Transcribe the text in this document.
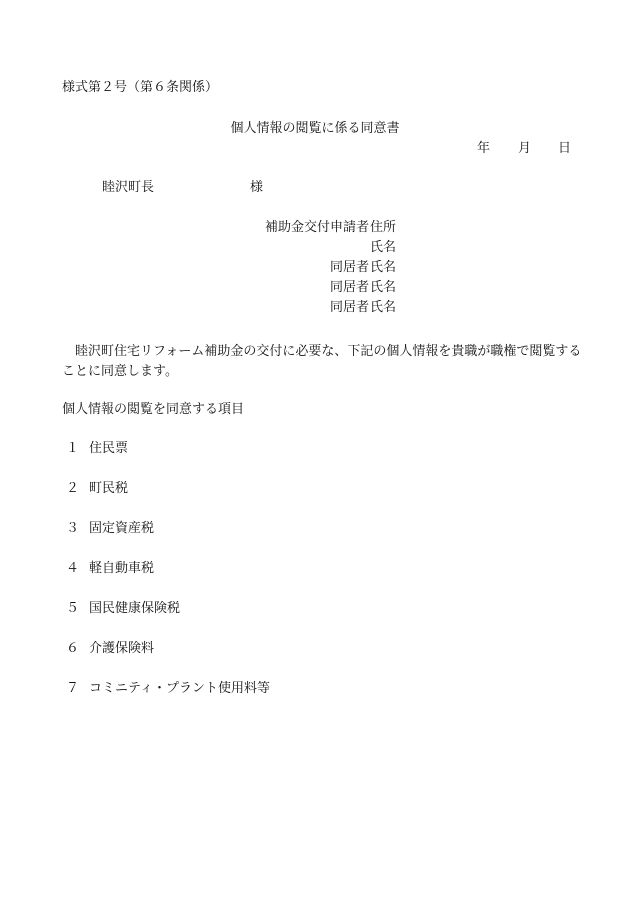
様式第２号（第６条関係）
個人情報の閲覧に係る同意書
年 月 日
睦沢町長	様
補助金交付申請者 住所
氏名
同居者 氏名
同居者 氏名
同居者 氏名
睦沢町住宅リフォーム補助金の交付に必要な、下記の個人情報を貴職が職権で閲覧することに同意します。
個人情報の閲覧を同意する項目
１ 住民票
２ 町民税
３ 固定資産税
４ 軽自動車税
５ 国民健康保険税
６ 介護保険料
７ コミニティ・プラント使用料等
